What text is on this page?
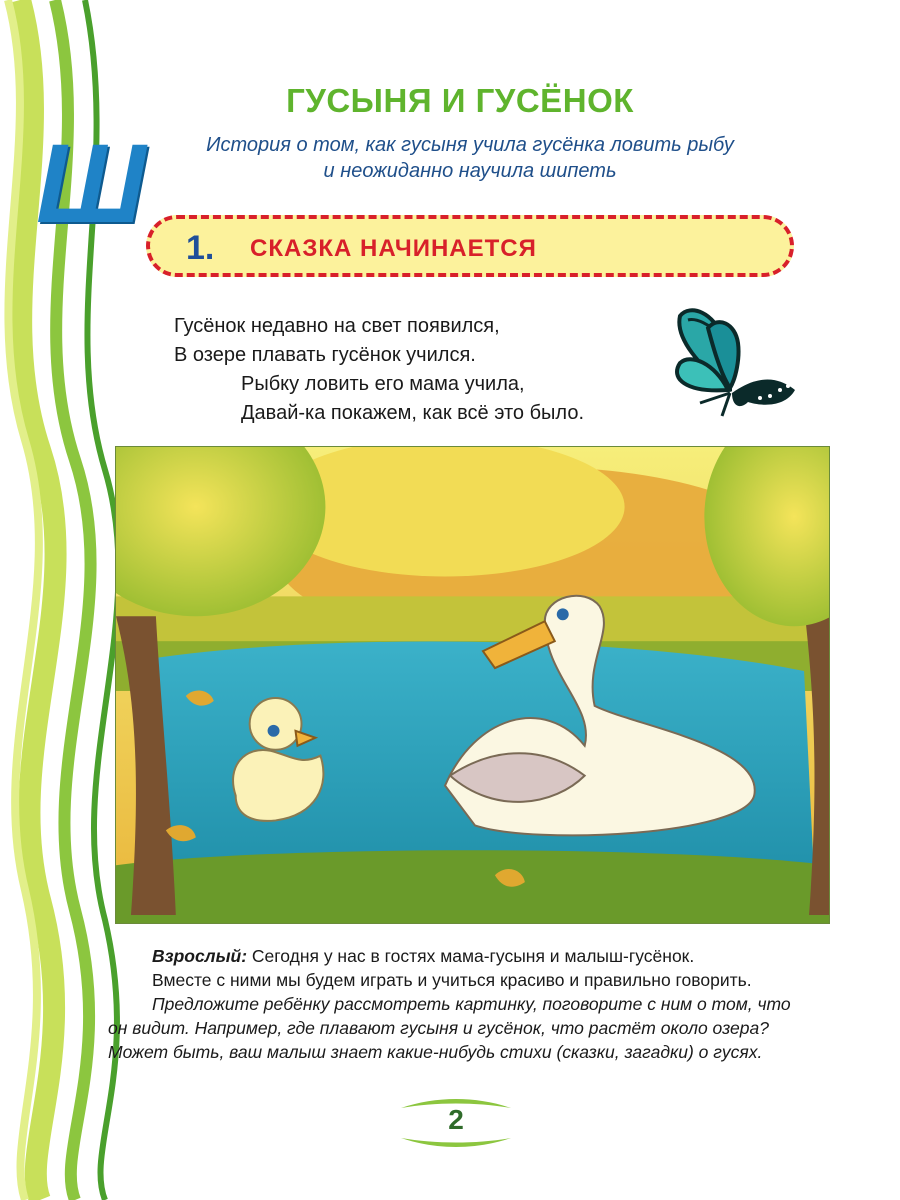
Ш
ГУСЫНЯ И ГУСЁНОК
История о том, как гусыня учила гусёнка ловить рыбу
и неожиданно научила шипеть
1. СКАЗКА НАЧИНАЕТСЯ
Гусёнок недавно на свет появился,
В озере плавать гусёнок учился.
Рыбку ловить его мама учила,
Давай-ка покажем, как всё это было.
Взрослый: Сегодня у нас в гостях мама-гусыня и малыш-гусёнок.
Вместе с ними мы будем играть и учиться красиво и правильно говорить.
Предложите ребёнку рассмотреть картинку, поговорите с ним о том, что
он видит. Например, где плавают гусыня и гусёнок, что растёт около озера?
Может быть, ваш малыш знает какие-нибудь стихи (сказки, загадки) о гусях.
2
